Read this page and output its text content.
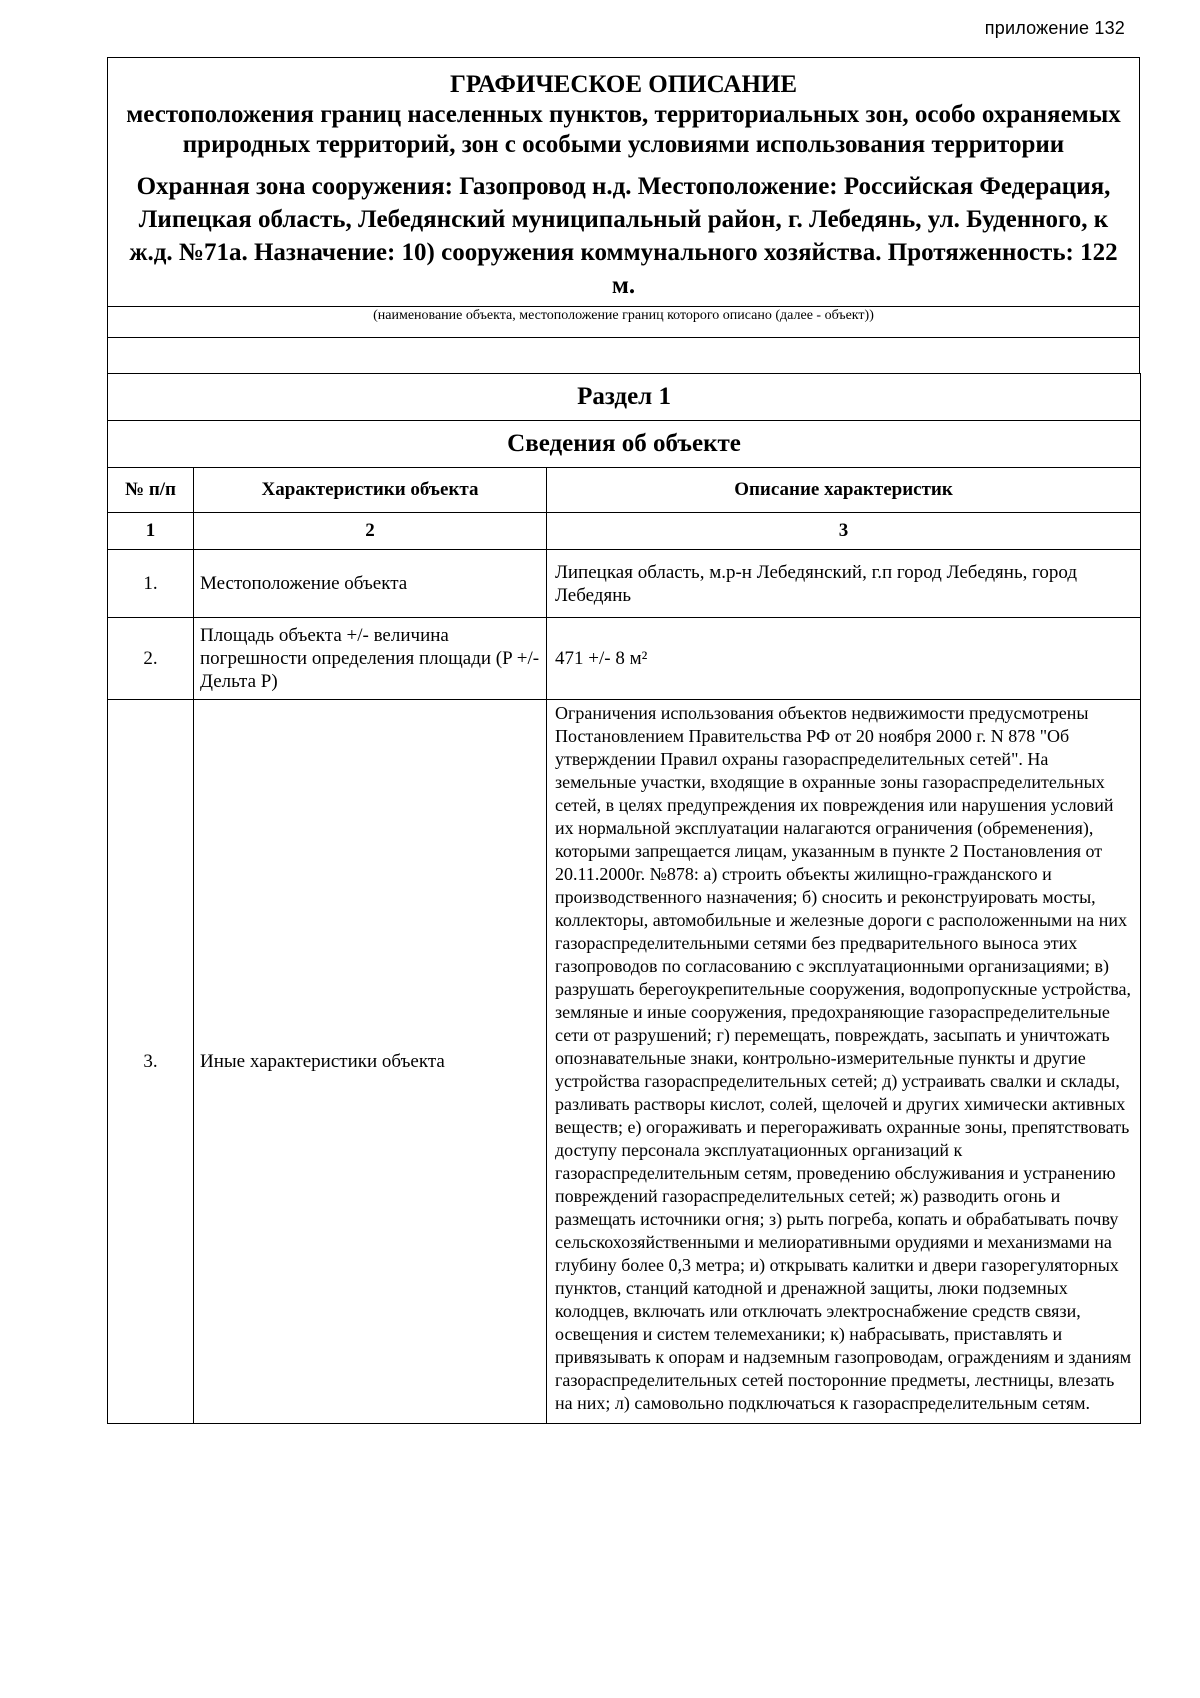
приложение 132
ГРАФИЧЕСКОЕ ОПИСАНИЕ
местоположения границ населенных пунктов, территориальных зон, особо охраняемых природных территорий, зон с особыми условиями использования территории
Охранная зона сооружения: Газопровод н.д. Местоположение: Российская Федерация, Липецкая область, Лебедянский муниципальный район, г. Лебедянь, ул. Буденного, к ж.д. №71а. Назначение: 10) сооружения коммунального хозяйства. Протяженность: 122 м.

(наименование объекта, местоположение границ которого описано (далее - объект))
Раздел 1		
Сведения об объекте		
№ п/п	Характеристики объекта	Описание характеристик
1	2	3
1.	Местоположение объекта	Липецкая область, м.р-н Лебедянский, г.п город Лебедянь, город Лебедянь
2.	Площадь объекта +/- величина погрешности определения площади (P +/- Дельта P)	471 +/- 8 м²
3.	Иные характеристики объекта	Ограничения использования объектов недвижимости предусмотрены Постановлением Правительства РФ от 20 ноября 2000 г. N 878 "Об утверждении Правил охраны газораспределительных сетей". На земельные участки, входящие в охранные зоны газораспределительных сетей, в целях предупреждения их повреждения или нарушения условий их нормальной эксплуатации налагаются ограничения (обременения), которыми запрещается лицам, указанным в пункте 2 Постановления от 20.11.2000г. №878: а) строить объекты жилищно-гражданского и производственного назначения; б) сносить и реконструировать мосты, коллекторы, автомобильные и железные дороги с расположенными на них газораспределительными сетями без предварительного выноса этих газопроводов по согласованию с эксплуатационными организациями; в) разрушать берегоукрепительные сооружения, водопропускные устройства, земляные и иные сооружения, предохраняющие газораспределительные сети от разрушений; г) перемещать, повреждать, засыпать и уничтожать опознавательные знаки, контрольно-измерительные пункты и другие устройства газораспределительных сетей; д) устраивать свалки и склады, разливать растворы кислот, солей, щелочей и других химически активных веществ; е) огораживать и перегораживать охранные зоны, препятствовать доступу персонала эксплуатационных организаций к газораспределительным сетям, проведению обслуживания и устранению повреждений газораспределительных сетей; ж) разводить огонь и размещать источники огня; з) рыть погреба, копать и обрабатывать почву сельскохозяйственными и мелиоративными орудиями и механизмами на глубину более 0,3 метра; и) открывать калитки и двери газорегуляторных пунктов, станций катодной и дренажной защиты, люки подземных колодцев, включать или отключать электроснабжение средств связи, освещения и систем телемеханики; к) набрасывать, приставлять и привязывать к опорам и надземным газопроводам, ограждениям и зданиям газораспределительных сетей посторонние предметы, лестницы, влезать на них; л) самовольно подключаться к газораспределительным сетям.
